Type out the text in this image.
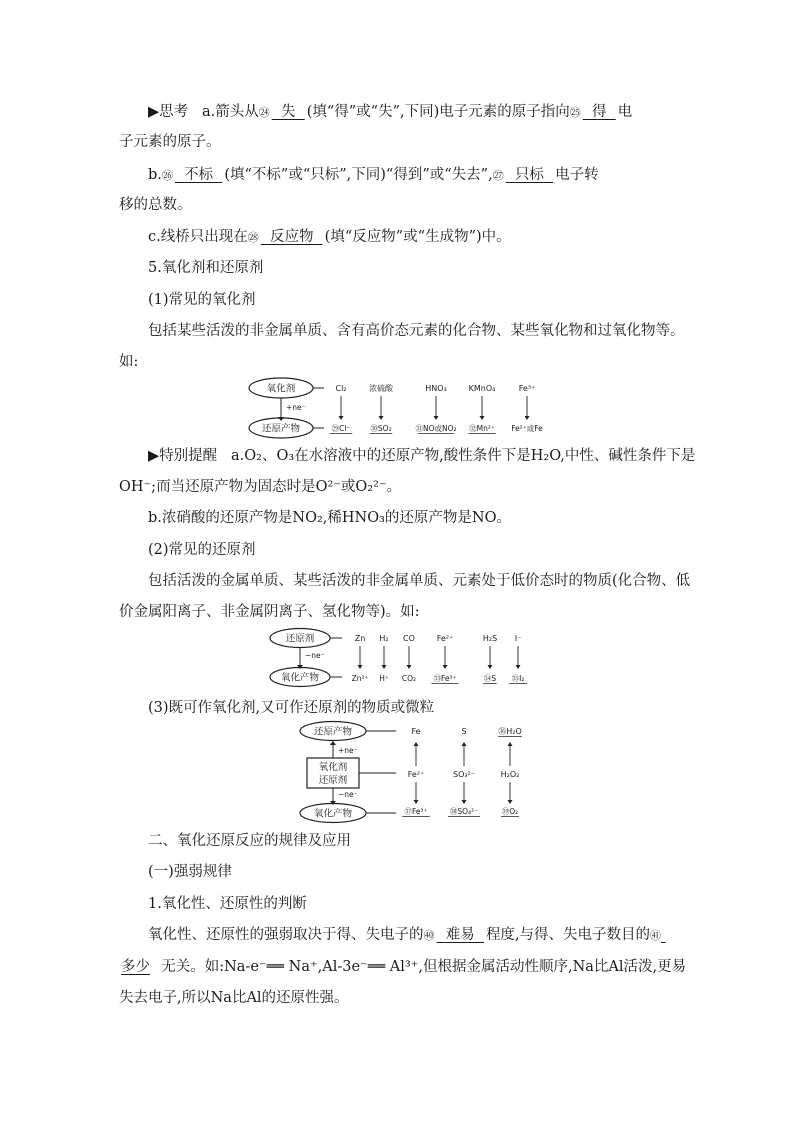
▶思考 a.箭头从㉔ 失 (填“得”或“失”,下同)电子元素的原子指向㉕ 得 电
子元素的原子。
b.㉖ 不标 (填“不标”或“只标”,下同)“得到”或“失去”,㉗ 只标 电子转
移的总数。
c.线桥只出现在㉘ 反应物 (填“反应物”或“生成物”)中。
5.氧化剂和还原剂
(1)常见的氧化剂
包括某些活泼的非金属单质、含有高价态元素的化合物、某些氧化物和过氧化物等。
如:
氧化剂
+ne⁻
还原产物
Cl₂	浓硫酸	HNO₃	KMnO₄	Fe³⁺
㉙Cl⁻	㉚SO₂	㉛NO或NO₂ ㉜Mn²⁺ Fe²⁺或Fe
▶特别提醒 a.O₂、O₃在水溶液中的还原产物,酸性条件下是H₂O,中性、碱性条件下是
OH⁻;而当还原产物为固态时是O²⁻或O₂²⁻。
b.浓硝酸的还原产物是NO₂,稀HNO₃的还原产物是NO。
(2)常见的还原剂
包括活泼的金属单质、某些活泼的非金属单质、元素处于低价态时的物质(化合物、低
价金属阳离子、非金属阴离子、氢化物等)。如:
还原剂
−ne⁻
氧化产物
Zn H₂ CO	Fe²⁺	H₂S I⁻
Zn²⁺ H⁺ CO₂ ㉝Fe³⁺	㉞S ㉟I₂
(3)既可作氧化剂,又可作还原剂的物质或微粒
还原产物
+ne⁻
氧化剂
还原剂
−ne⁻
氧化产物
Fe	S	㊱H₂O
Fe²⁺	SO₃²⁻	H₂O₂
㊲Fe³⁺	㊳SO₄²⁻	㊴O₂
二、氧化还原反应的规律及应用
(一)强弱规律
1.氧化性、还原性的判断
氧化性、还原性的强弱取决于得、失电子的㊵ 难易 程度,与得、失电子数目的㊶
多少 无关。如:Na-e⁻══ Na⁺,Al-3e⁻══ Al³⁺,但根据金属活动性顺序,Na比Al活泼,更易
失去电子,所以Na比Al的还原性强。
